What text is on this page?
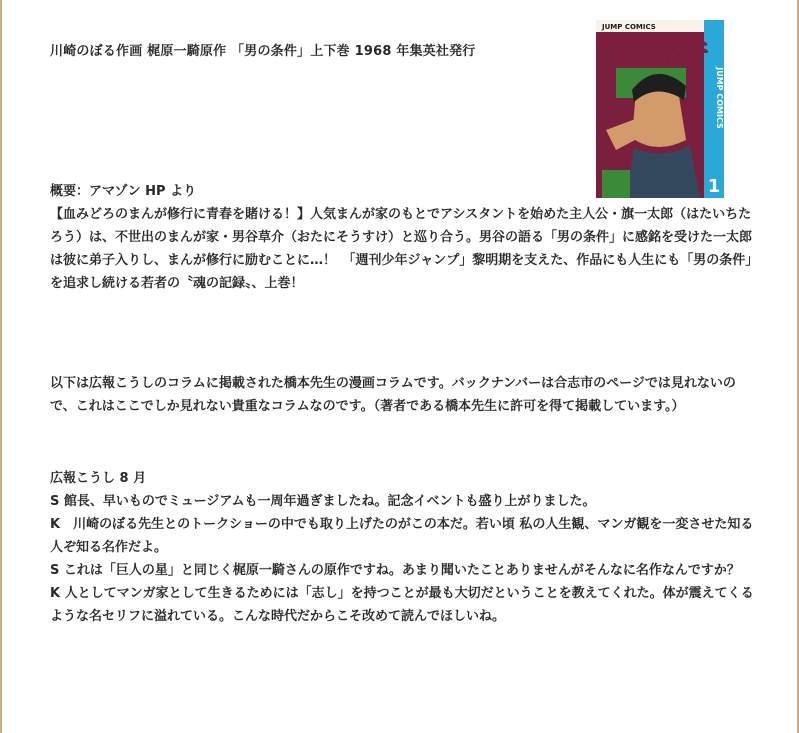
川崎のぼる作画 梶原一騎原作 「男の条件」上下巻 1968 年集英社発行
JUMP COMICS
JUMP COMICS
1
男の条件

概要：アマゾン HP より

【血みどろのまんが修行に青春を賭ける！】人気まんが家のもとでアシスタントを始めた主人公・旗一太郎（はたいちたろう）は、不世出のまんが家・男谷草介（おたにそうすけ）と巡り合う。男谷の語る「男の条件」に感銘を受けた一太郎は彼に弟子入りし、まんが修行に励むことに…！　「週刊少年ジャンプ」黎明期を支えた、作品にも人生にも「男の条件」を追求し続ける若者の〝魂の記録〟、上巻！

以下は広報こうしのコラムに掲載された橋本先生の漫画コラムです。バックナンバーは合志市のページでは見れないので、これはここでしか見れない貴重なコラムなのです。（著者である橋本先生に許可を得て掲載しています。）

広報こうし 8 月

S 館長、早いものでミュージアムも一周年過ぎましたね。記念イベントも盛り上がりました。

K　川崎のぼる先生とのトークショーの中でも取り上げたのがこの本だ。若い頃 私の人生観、マンガ観を一変させた知る人ぞ知る名作だよ。

S これは「巨人の星」と同じく梶原一騎さんの原作ですね。あまり聞いたことありませんがそんなに名作なんですか？

K 人としてマンガ家として生きるためには「志し」を持つことが最も大切だということを教えてくれた。体が震えてくるような名セリフに溢れている。こんな時代だからこそ改めて読んでほしいね。
